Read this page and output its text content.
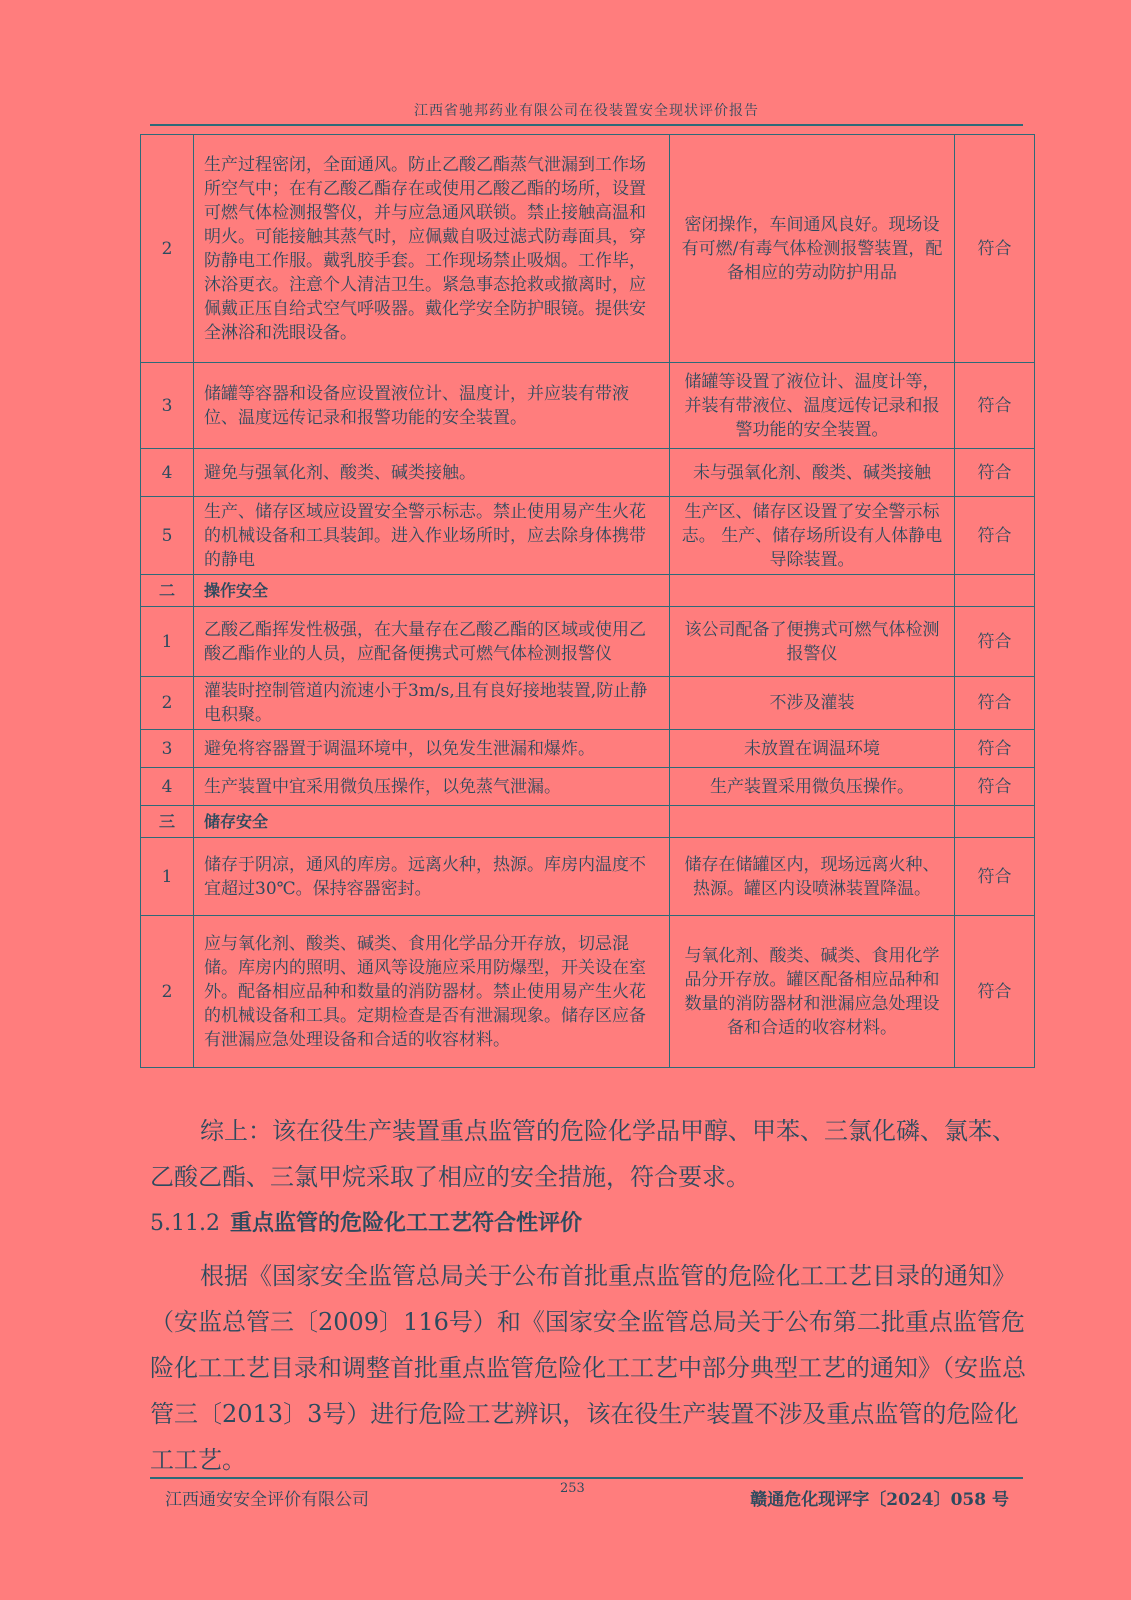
江西省驰邦药业有限公司在役装置安全现状评价报告
2	生产过程密闭，全面通风。防止乙酸乙酯蒸气泄漏到工作场所空气中；在有乙酸乙酯存在或使用乙酸乙酯的场所，设置可燃气体检测报警仪，并与应急通风联锁。禁止接触高温和明火。可能接触其蒸气时，应佩戴自吸过滤式防毒面具，穿防静电工作服。戴乳胶手套。工作现场禁止吸烟。工作毕，沐浴更衣。注意个人清洁卫生。紧急事态抢救或撤离时，应佩戴正压自给式空气呼吸器。戴化学安全防护眼镜。提供安全淋浴和洗眼设备。	密闭操作，车间通风良好。现场设有可燃/有毒气体检测报警装置，配备相应的劳动防护用品	符合
3	储罐等容器和设备应设置液位计、温度计，并应装有带液位、温度远传记录和报警功能的安全装置。	储罐等设置了液位计、温度计等，并装有带液位、温度远传记录和报警功能的安全装置。	符合
4	避免与强氧化剂、酸类、碱类接触。	未与强氧化剂、酸类、碱类接触	符合
5	生产、储存区域应设置安全警示标志。禁止使用易产生火花的机械设备和工具装卸。进入作业场所时，应去除身体携带的静电	生产区、储存区设置了安全警示标志。 生产、储存场所设有人体静电导除装置。	符合
二	操作安全		
1	乙酸乙酯挥发性极强，在大量存在乙酸乙酯的区域或使用乙酸乙酯作业的人员，应配备便携式可燃气体检测报警仪	该公司配备了便携式可燃气体检测报警仪	符合
2	灌装时控制管道内流速小于3m/s,且有良好接地装置,防止静电积聚。	不涉及灌装	符合
3	避免将容器置于调温环境中，以免发生泄漏和爆炸。	未放置在调温环境	符合
4	生产装置中宜采用微负压操作，以免蒸气泄漏。	生产装置采用微负压操作。	符合
三	储存安全		
1	储存于阴凉，通风的库房。远离火种，热源。库房内温度不宜超过30℃。保持容器密封。	储存在储罐区内，现场远离火种、热源。罐区内设喷淋装置降温。	符合
2	应与氧化剂、酸类、碱类、食用化学品分开存放，切忌混储。库房内的照明、通风等设施应采用防爆型，开关设在室外。配备相应品种和数量的消防器材。禁止使用易产生火花的机械设备和工具。定期检查是否有泄漏现象。储存区应备有泄漏应急处理设备和合适的收容材料。	与氧化剂、酸类、碱类、食用化学品分开存放。罐区配备相应品种和数量的消防器材和泄漏应急处理设备和合适的收容材料。	符合
综上：该在役生产装置重点监管的危险化学品甲醇、甲苯、三氯化磷、氯苯、乙酸乙酯、三氯甲烷采取了相应的安全措施，符合要求。
5.11.2 重点监管的危险化工工艺符合性评价
根据《国家安全监管总局关于公布首批重点监管的危险化工工艺目录的通知》（安监总管三〔2009〕116号）和《国家安全监管总局关于公布第二批重点监管危险化工工艺目录和调整首批重点监管危险化工工艺中部分典型工艺的通知》（安监总管三〔2013〕3号）进行危险工艺辨识，该在役生产装置不涉及重点监管的危险化工工艺。
江西通安安全评价有限公司
253
赣通危化现评字〔2024〕058 号
